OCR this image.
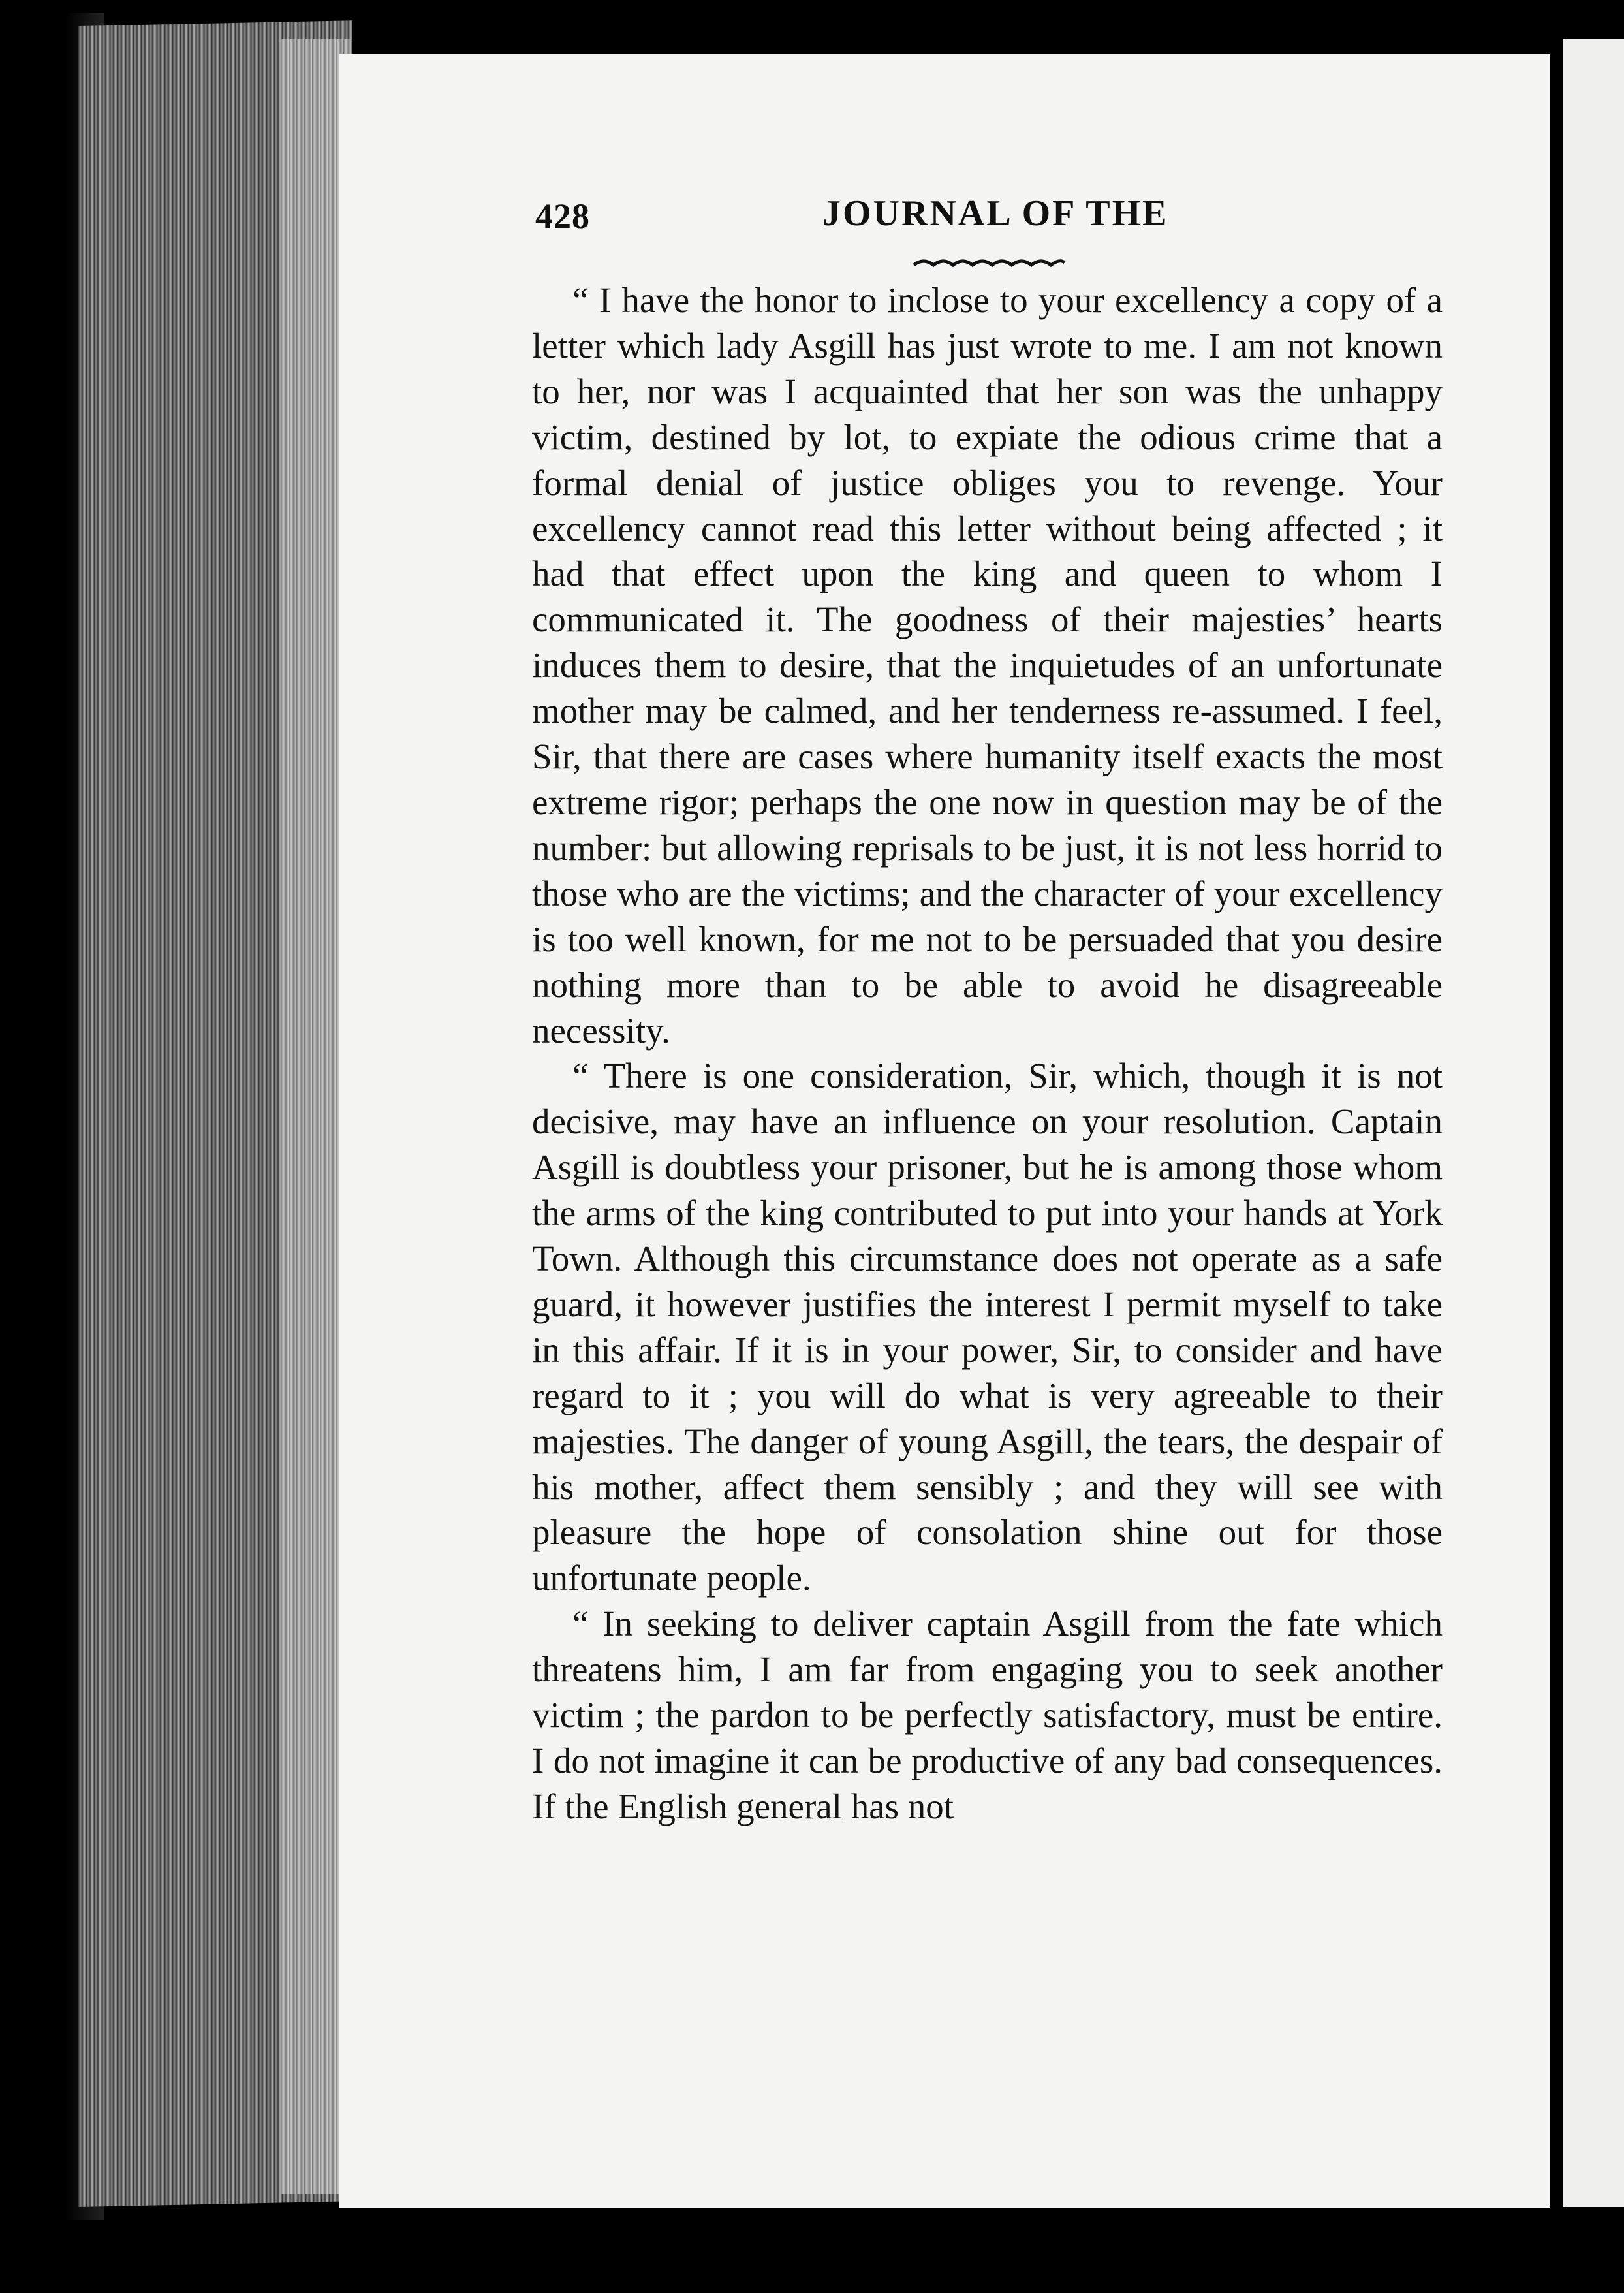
428	JOURNAL OF THE

“ I have the honor to inclose to your excellency a copy of a letter which lady Asgill has just wrote to me. I am not known to her, nor was I acquainted that her son was the unhappy victim, destined by lot, to expiate the odious crime that a formal denial of justice obliges you to revenge. Your excellency cannot read this letter without being affected ; it had that effect upon the king and queen to whom I communicated it. The goodness of their majesties’ hearts induces them to desire, that the inquietudes of an unfortunate mother may be calmed, and her tenderness re-assumed. I feel, Sir, that there are cases where humanity itself exacts the most extreme rigor; perhaps the one now in question may be of the number: but allowing reprisals to be just, it is not less horrid to those who are the victims; and the character of your excellency is too well known, for me not to be persuaded that you desire nothing more than to be able to avoid he disagreeable necessity.

“ There is one consideration, Sir, which, though it is not decisive, may have an influence on your resolution. Captain Asgill is doubtless your prisoner, but he is among those whom the arms of the king contributed to put into your hands at York Town. Although this circumstance does not operate as a safe guard, it however justifies the interest I permit myself to take in this affair. If it is in your power, Sir, to consider and have regard to it ; you will do what is very agreeable to their majesties. The danger of young Asgill, the tears, the despair of his mother, affect them sensibly ; and they will see with pleasure the hope of consolation shine out for those unfortunate people.

“ In seeking to deliver captain Asgill from the fate which threatens him, I am far from engaging you to seek another victim ; the pardon to be perfectly satisfactory, must be entire. I do not imagine it can be productive of any bad consequences. If the English general has not
